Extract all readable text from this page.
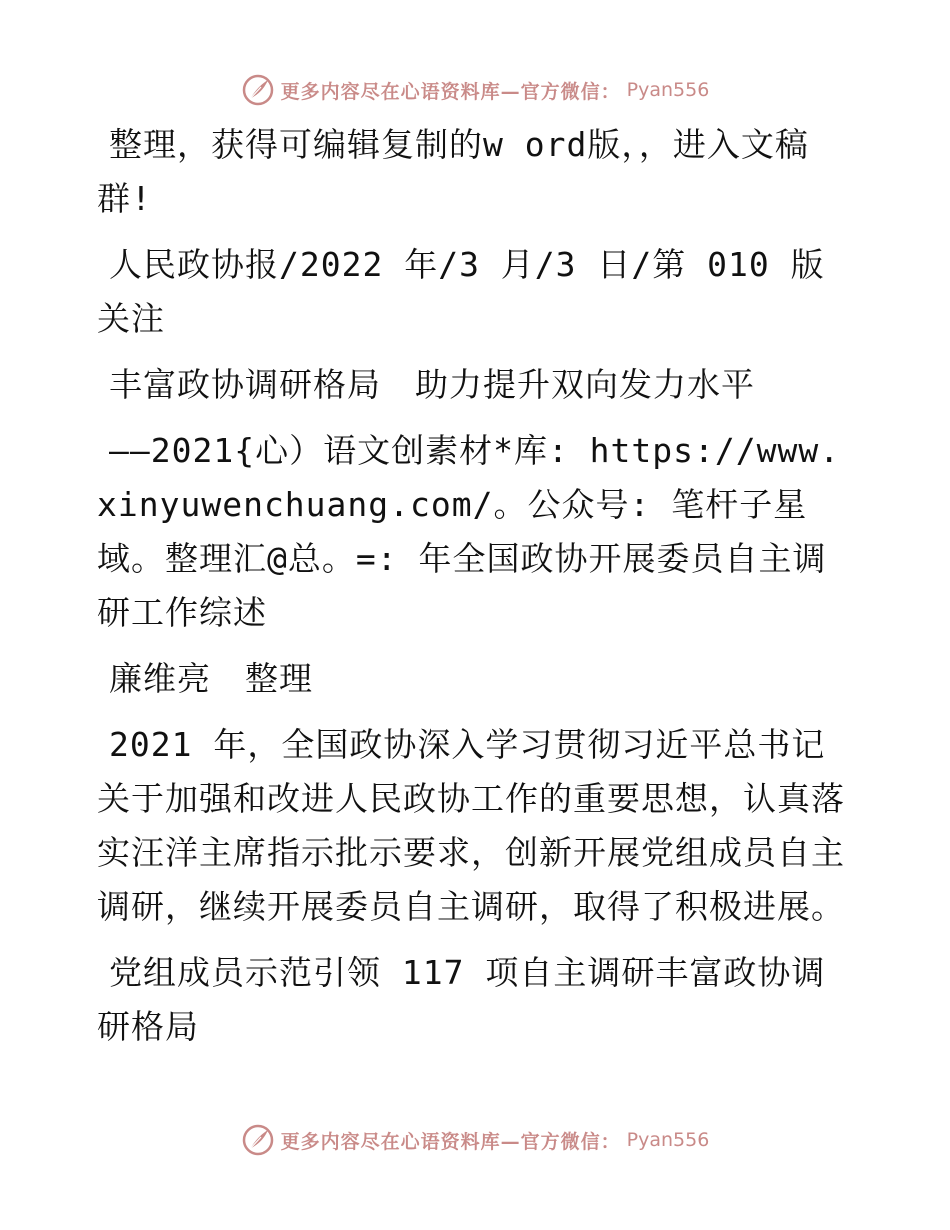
更多内容尽在心语资料库—官方微信： Pyan556

整理，获得可编辑复制的w ord版，，进入文稿群!

人民政协报/2022 年/3 月/3 日/第 010 版关注

丰富政协调研格局　助力提升双向发力水平

——2021{心）语文创素材*库: https://www.xinyuwenchuang.com/。公众号: 笔杆子星域。整理汇@总。=: 年全国政协开展委员自主调研工作综述

廉维亮　整理

2021 年，全国政协深入学习贯彻习近平总书记关于加强和改进人民政协工作的重要思想，认真落实汪洋主席指示批示要求，创新开展党组成员自主调研，继续开展委员自主调研，取得了积极进展。

党组成员示范引领 117 项自主调研丰富政协调研格局

更多内容尽在心语资料库—官方微信： Pyan556
